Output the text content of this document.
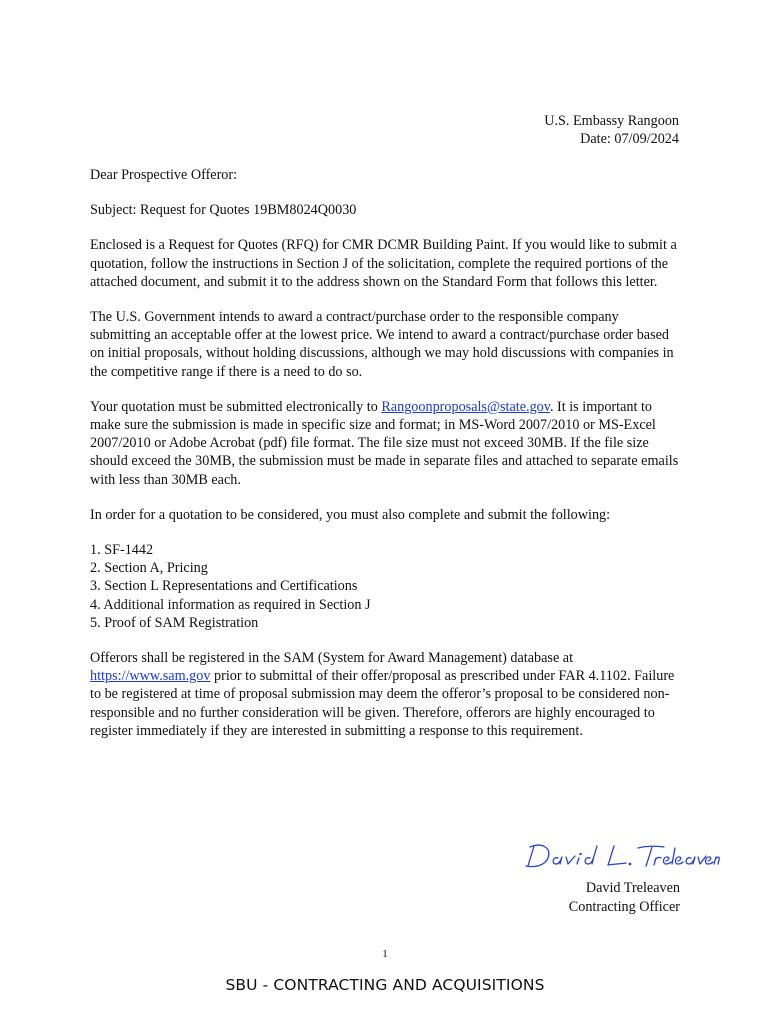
U.S. Embassy Rangoon
Date: 07/09/2024

Dear Prospective Offeror:

Subject: Request for Quotes 19BM8024Q0030

Enclosed is a Request for Quotes (RFQ) for CMR DCMR Building Paint. If you would like to submit a quotation, follow the instructions in Section J of the solicitation, complete the required portions of the attached document, and submit it to the address shown on the Standard Form that follows this letter.

The U.S. Government intends to award a contract/purchase order to the responsible company submitting an acceptable offer at the lowest price. We intend to award a contract/purchase order based on initial proposals, without holding discussions, although we may hold discussions with companies in the competitive range if there is a need to do so.

Your quotation must be submitted electronically to Rangoonproposals@state.gov. It is important to make sure the submission is made in specific size and format; in MS-Word 2007/2010 or MS-Excel 2007/2010 or Adobe Acrobat (pdf) file format. The file size must not exceed 30MB. If the file size should exceed the 30MB, the submission must be made in separate files and attached to separate emails with less than 30MB each.

In order for a quotation to be considered, you must also complete and submit the following:

1. SF-1442
2. Section A, Pricing
3. Section L Representations and Certifications
4. Additional information as required in Section J
5. Proof of SAM Registration

Offerors shall be registered in the SAM (System for Award Management) database at https://www.sam.gov prior to submittal of their offer/proposal as prescribed under FAR 4.1102. Failure to be registered at time of proposal submission may deem the offeror’s proposal to be considered non-responsible and no further consideration will be given. Therefore, offerors are highly encouraged to register immediately if they are interested in submitting a response to this requirement.

David Treleaven
Contracting Officer
1
SBU - CONTRACTING AND ACQUISITIONS
